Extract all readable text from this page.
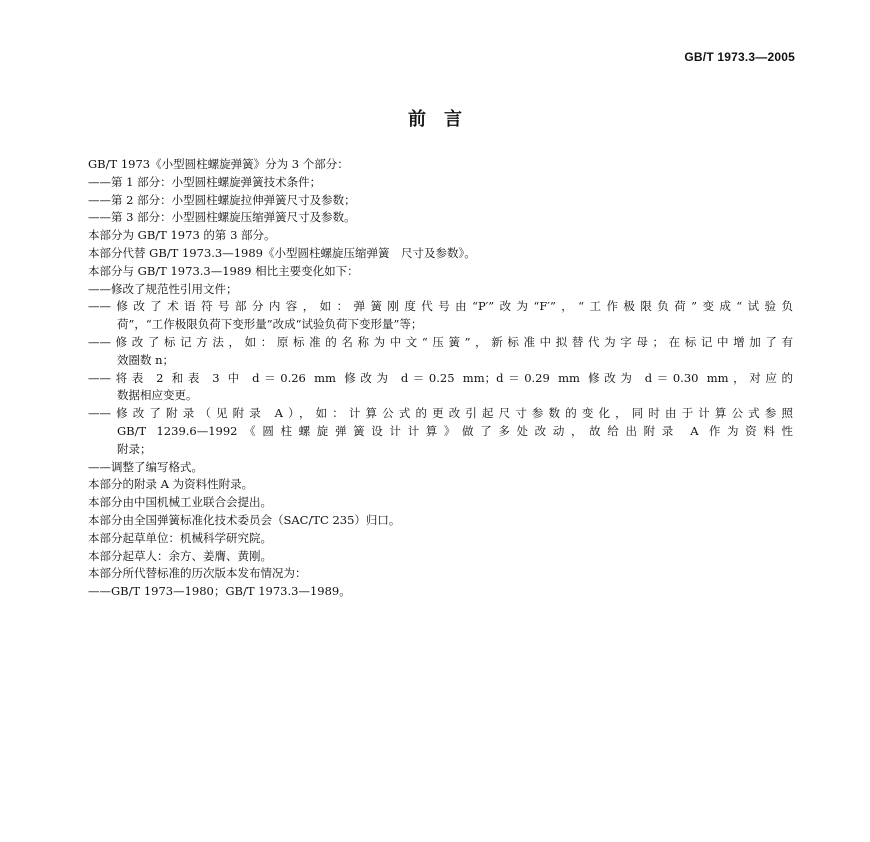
GB/T 1973.3—2005
前　言
GB/T 1973《小型圆柱螺旋弹簧》分为 3 个部分：
——第 1 部分：小型圆柱螺旋弹簧技术条件；
——第 2 部分：小型圆柱螺旋拉伸弹簧尺寸及参数；
——第 3 部分：小型圆柱螺旋压缩弹簧尺寸及参数。
本部分为 GB/T 1973 的第 3 部分。
本部分代替 GB/T 1973.3—1989《小型圆柱螺旋压缩弹簧　尺寸及参数》。
本部分与 GB/T 1973.3—1989 相比主要变化如下：
——修改了规范性引用文件；
——修改了术语符号部分内容，如：弹簧刚度代号由“P′”改为“F′”，“工作极限负荷”变成“试验负
荷”，“工作极限负荷下变形量”改成“试验负荷下变形量”等；
——修改了标记方法，如：原标准的名称为中文“压簧”，新标准中拟替代为字母；在标记中增加了有
效圈数 n；
——将表 2 和表 3 中 d＝0.26 mm 修改为 d＝0.25 mm；d＝0.29 mm 修改为 d＝0.30 mm，对应的
数据相应变更。
——修改了附录（见附录 A），如：计算公式的更改引起尺寸参数的变化，同时由于计算公式参照
GB/T 1239.6—1992《圆柱螺旋弹簧设计计算》做了多处改动，故给出附录 A 作为资料性
附录；
——调整了编写格式。
本部分的附录 A 为资料性附录。
本部分由中国机械工业联合会提出。
本部分由全国弹簧标准化技术委员会（SAC/TC 235）归口。
本部分起草单位：机械科学研究院。
本部分起草人：余方、姜膺、黄刚。
本部分所代替标准的历次版本发布情况为：
——GB/T 1973—1980；GB/T 1973.3—1989。
